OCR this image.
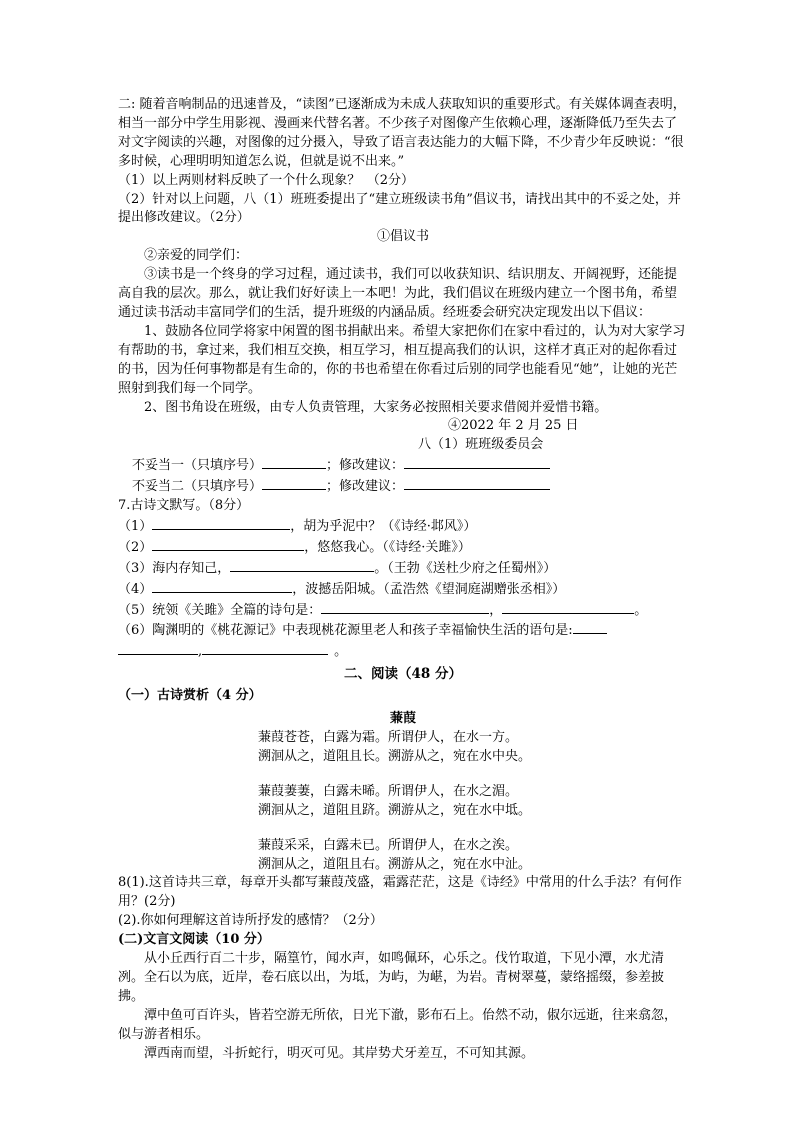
二: 随着音响制品的迅速普及，“读图”已逐渐成为未成人获取知识的重要形式。有关媒体调查表明，相当一部分中学生用影视、漫画来代替名著。不少孩子对图像产生依赖心理，逐渐降低乃至失去了对文字阅读的兴趣，对图像的过分摄入，导致了语言表达能力的大幅下降，不少青少年反映说：“很多时候，心理明明知道怎么说，但就是说不出来。”

（1）以上两则材料反映了一个什么现象？　（2分）

（2）针对以上问题，八（1）班班委提出了“建立班级读书角”倡议书，请找出其中的不妥之处，并提出修改建议。（2分）

①倡议书

②亲爱的同学们：

③读书是一个终身的学习过程，通过读书，我们可以收获知识、结识朋友、开阔视野，还能提高自我的层次。那么，就让我们好好读上一本吧！为此，我们倡议在班级内建立一个图书角，希望通过读书活动丰富同学们的生活，提升班级的内涵品质。经班委会研究决定现发出以下倡议：

1、鼓励各位同学将家中闲置的图书捐献出来。希望大家把你们在家中看过的，认为对大家学习有帮助的书，拿过来，我们相互交换，相互学习，相互提高我们的认识，这样才真正对的起你看过的书，因为任何事物都是有生命的，你的书也希望在你看过后别的同学也能看见“她”，让她的光芒照射到我们每一个同学。

2、图书角设在班级，由专人负责管理，大家务必按照相关要求借阅并爱惜书籍。

④2022 年 2 月 25 日

八（1）班班级委员会

不妥当一（只填序号）	；修改建议：

不妥当二（只填序号）	；修改建议：

7.古诗文默写。（8分）

（1）	，胡为乎泥中？（《诗经·邶风》）

（2）	，悠悠我心。（《诗经·关雎》）

（3）海内存知己，	。（王勃《送杜少府之任蜀州》）

（4）	，波撼岳阳城。（孟浩然《望洞庭湖赠张丞相》）

（5）统领《关雎》全篇的诗句是：	，	。

（6）陶渊明的《桃花源记》中表现桃花源里老人和孩子幸福愉快生活的语句是:

,	。

二、阅读（48 分）

（一）古诗赏析（4 分）

蒹葭

蒹葭苍苍，白露为霜。所谓伊人，在水一方。

溯洄从之，道阻且长。溯游从之，宛在水中央。

蒹葭萋萋，白露未晞。所谓伊人，在水之湄。

溯洄从之，道阻且跻。溯游从之，宛在水中坻。

蒹葭采采，白露未已。所谓伊人，在水之涘。

溯洄从之，道阻且右。溯游从之，宛在水中沚。

8(1).这首诗共三章，每章开头都写蒹葭茂盛，霜露茫茫，这是《诗经》中常用的什么手法？有何作用？(2分)

(2).你如何理解这首诗所抒发的感情？（2分）

(二)文言文阅读（10 分）

从小丘西行百二十步，隔篁竹，闻水声，如鸣佩环，心乐之。伐竹取道，下见小潭，水尤清冽。全石以为底，近岸，卷石底以出，为坻，为屿，为嵁，为岩。青树翠蔓，蒙络摇缀，参差披拂。

潭中鱼可百许头，皆若空游无所依，日光下澈，影布石上。佁然不动，俶尔远逝，往来翕忽，似与游者相乐。

潭西南而望，斗折蛇行，明灭可见。其岸势犬牙差互，不可知其源。
